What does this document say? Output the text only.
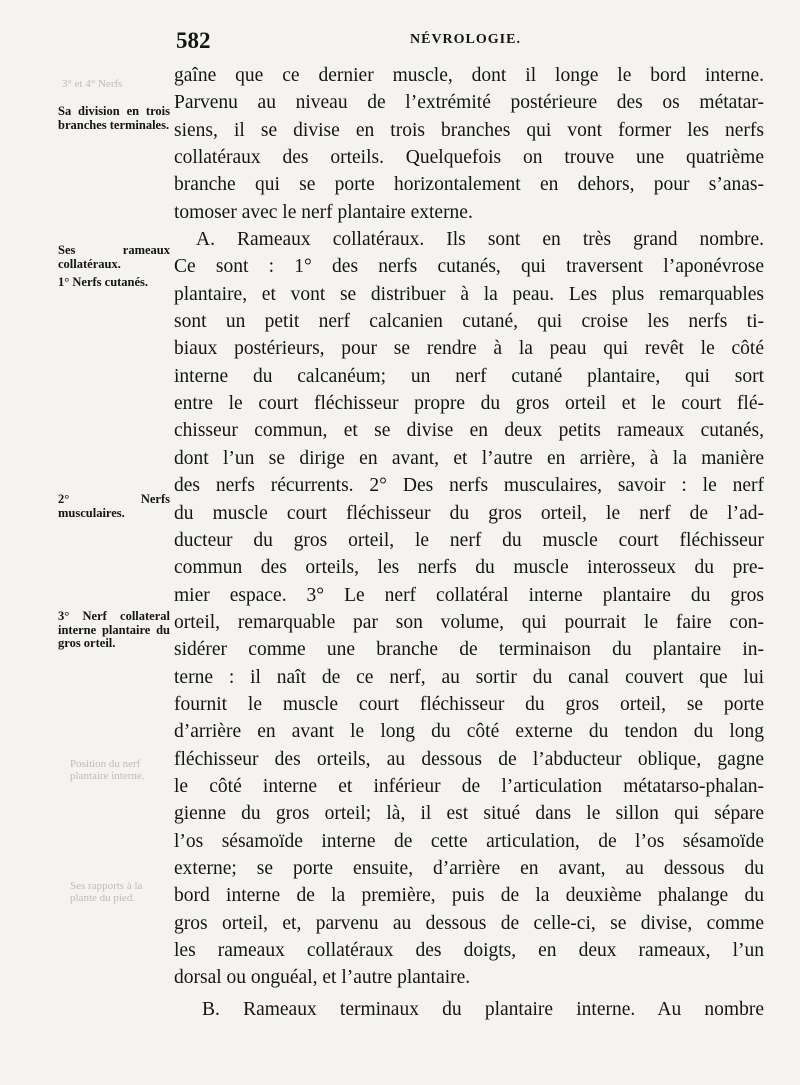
582	NÉVROLOGIE.
3° et 4° Nerfs
Position du nerf plantaire interne.
Ses rapports à la plante du pied.
Sa division en trois branches terminales.
Ses rameaux collatéraux.
1° Nerfs cutanés.
2° Nerfs musculaires.
3° Nerf collateral interne plantaire du gros orteil.
gaîne que ce dernier muscle, dont il longe le bord interne.
Parvenu au niveau de l’extrémité postérieure des os métatar-
siens, il se divise en trois branches qui vont former les nerfs
collatéraux des orteils. Quelquefois on trouve une quatrième
branche qui se porte horizontalement en dehors, pour s’anas-
tomoser avec le nerf plantaire externe.
A. Rameaux collatéraux. Ils sont en très grand nombre.
Ce sont : 1° des nerfs cutanés, qui traversent l’aponévrose
plantaire, et vont se distribuer à la peau. Les plus remarquables
sont un petit nerf calcanien cutané, qui croise les nerfs ti-
biaux postérieurs, pour se rendre à la peau qui revêt le côté
interne du calcanéum; un nerf cutané plantaire, qui sort
entre le court fléchisseur propre du gros orteil et le court flé-
chisseur commun, et se divise en deux petits rameaux cutanés,
dont l’un se dirige en avant, et l’autre en arrière, à la manière
des nerfs récurrents. 2° Des nerfs musculaires, savoir : le nerf
du muscle court fléchisseur du gros orteil, le nerf de l’ad-
ducteur du gros orteil, le nerf du muscle court fléchisseur
commun des orteils, les nerfs du muscle interosseux du pre-
mier espace. 3° Le nerf collatéral interne plantaire du gros
orteil, remarquable par son volume, qui pourrait le faire con-
sidérer comme une branche de terminaison du plantaire in-
terne : il naît de ce nerf, au sortir du canal couvert que lui
fournit le muscle court fléchisseur du gros orteil, se porte
d’arrière en avant le long du côté externe du tendon du long
fléchisseur des orteils, au dessous de l’abducteur oblique, gagne
le côté interne et inférieur de l’articulation métatarso-phalan-
gienne du gros orteil; là, il est situé dans le sillon qui sépare
l’os sésamoïde interne de cette articulation, de l’os sésamoïde
externe; se porte ensuite, d’arrière en avant, au dessous du
bord interne de la première, puis de la deuxième phalange du
gros orteil, et, parvenu au dessous de celle-ci, se divise, comme
les rameaux collatéraux des doigts, en deux rameaux, l’un
dorsal ou onguéal, et l’autre plantaire.
B. Rameaux terminaux du plantaire interne. Au nombre
